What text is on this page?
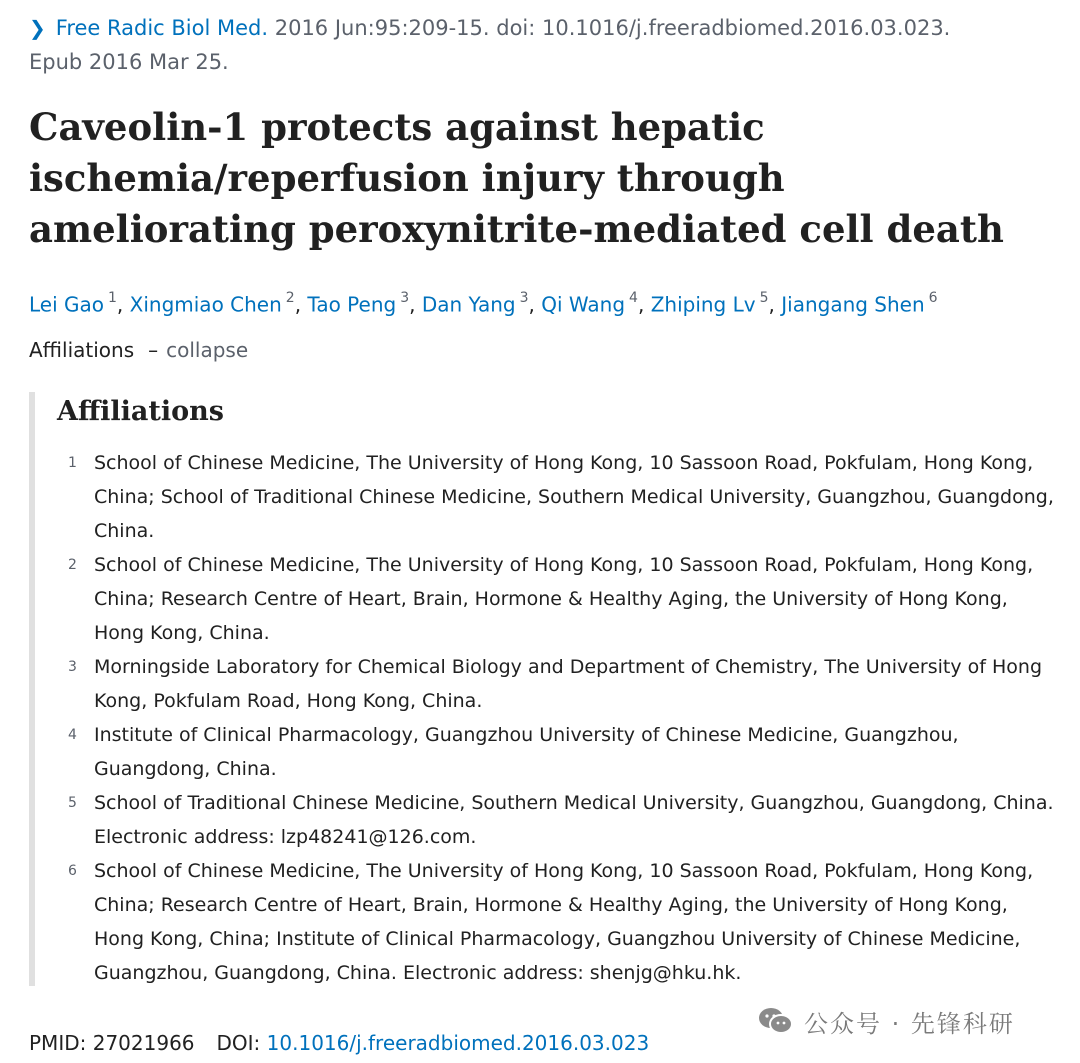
❯ Free Radic Biol Med. 2016 Jun:95:209-15. doi: 10.1016/j.freeradbiomed.2016.03.023.
Epub 2016 Mar 25.
Caveolin-1 protects against hepatic ischemia/reperfusion injury through ameliorating peroxynitrite-mediated cell death
Lei Gao $^1$, Xingmiao Chen $^2$, Tao Peng $^3$, Dan Yang $^3$, Qi Wang $^4$, Zhiping Lv $^5$, Jiangang Shen $^6$
Affiliations – collapse
Affiliations
1 School of Chinese Medicine, The University of Hong Kong, 10 Sassoon Road, Pokfulam, Hong Kong, China; School of Traditional Chinese Medicine, Southern Medical University, Guangzhou, Guangdong, China.
2 School of Chinese Medicine, The University of Hong Kong, 10 Sassoon Road, Pokfulam, Hong Kong, China; Research Centre of Heart, Brain, Hormone & Healthy Aging, the University of Hong Kong, Hong Kong, China.
3 Morningside Laboratory for Chemical Biology and Department of Chemistry, The University of Hong Kong, Pokfulam Road, Hong Kong, China.
4 Institute of Clinical Pharmacology, Guangzhou University of Chinese Medicine, Guangzhou, Guangdong, China.
5 School of Traditional Chinese Medicine, Southern Medical University, Guangzhou, Guangdong, China. Electronic address: lzp48241@126.com.
6 School of Chinese Medicine, The University of Hong Kong, 10 Sassoon Road, Pokfulam, Hong Kong, China; Research Centre of Heart, Brain, Hormone & Healthy Aging, the University of Hong Kong, Hong Kong, China; Institute of Clinical Pharmacology, Guangzhou University of Chinese Medicine, Guangzhou, Guangdong, China. Electronic address: shenjg@hku.hk.
公众号 · 先锋科研
PMID: 27021966 DOI: 10.1016/j.freeradbiomed.2016.03.023
